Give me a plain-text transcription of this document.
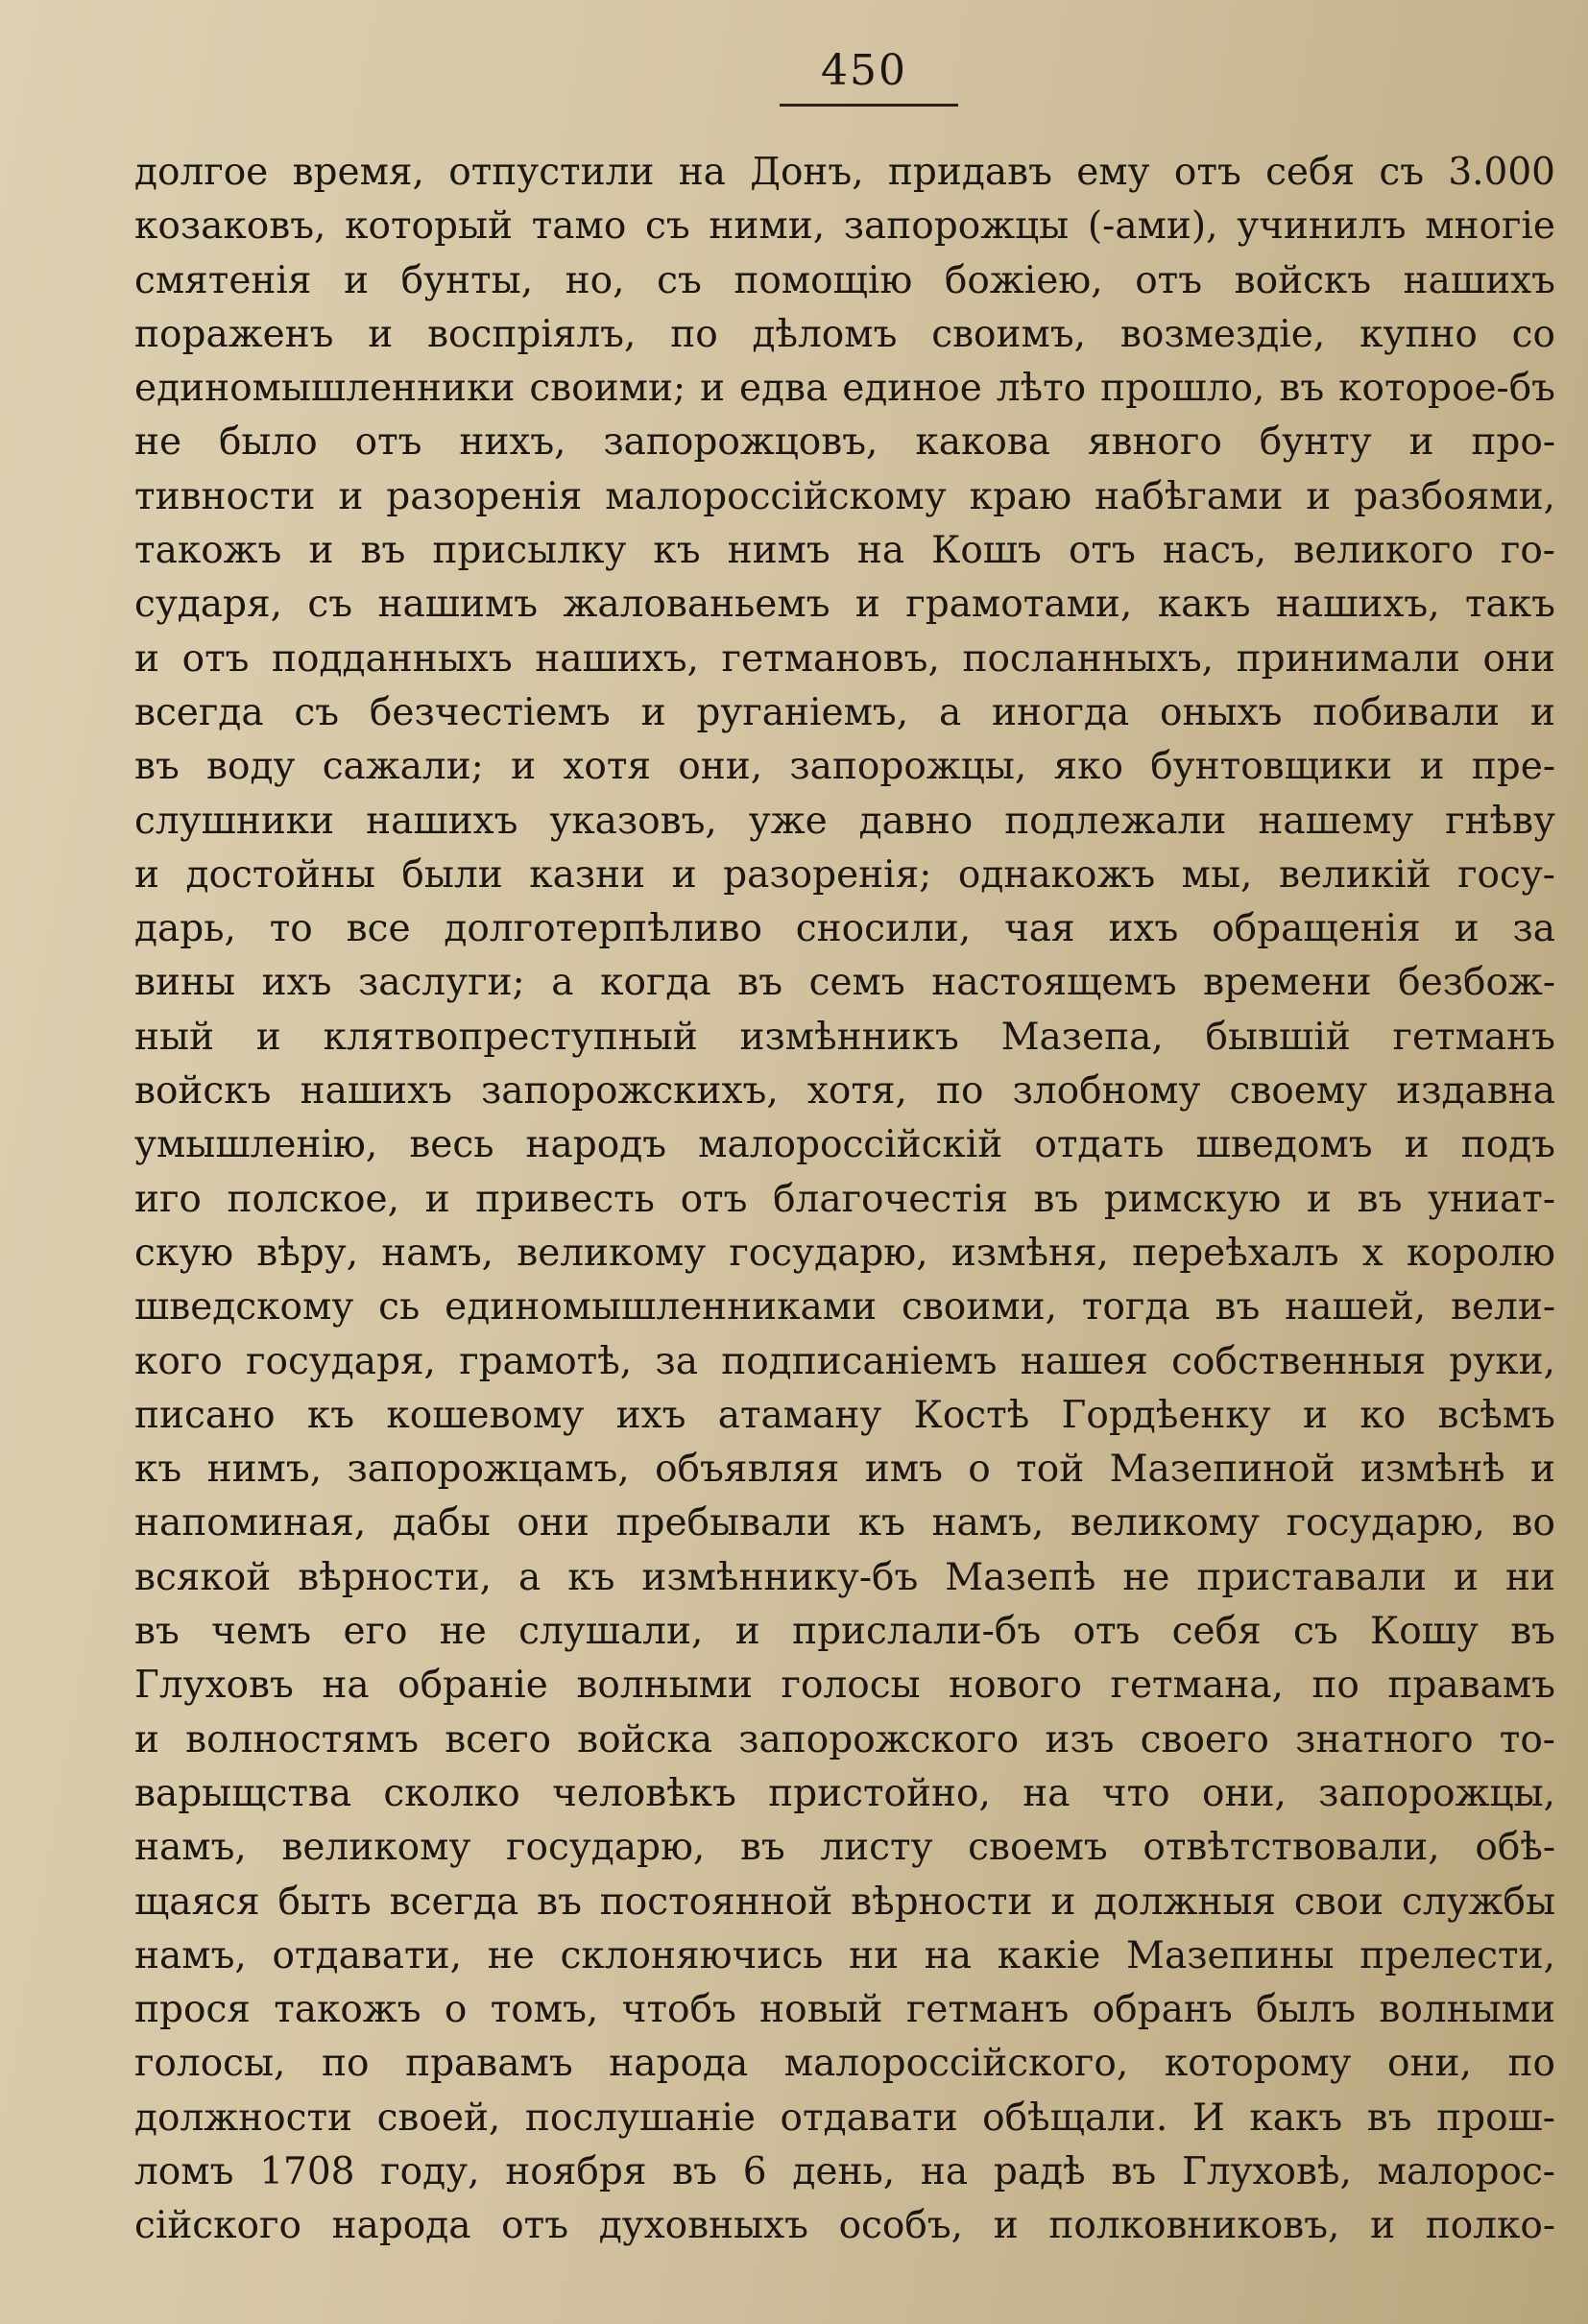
450
долгое время, отпустили на Донъ, придавъ ему отъ себя съ 3.000
козаковъ, который тамо съ ними, запорожцы (-ами), учинилъ многіе
смятенія и бунты, но, съ помощію божіею, отъ войскъ нашихъ
пораженъ и воспріялъ, по дѣломъ своимъ, возмездіе, купно со
единомышленники своими; и едва единое лѣто прошло, въ которое-бъ
не было отъ нихъ, запорожцовъ, какова явного бунту и про-
тивности и разоренія малороссійскому краю набѣгами и разбоями,
такожъ и въ присылку къ нимъ на Кошъ отъ насъ, великого го-
сударя, съ нашимъ жалованьемъ и грамотами, какъ нашихъ, такъ
и отъ подданныхъ нашихъ, гетмановъ, посланныхъ, принимали они
всегда съ безчестіемъ и руганіемъ, а иногда оныхъ побивали и
въ воду сажали; и хотя они, запорожцы, яко бунтовщики и пре-
слушники нашихъ указовъ, уже давно подлежали нашему гнѣву
и достойны были казни и разоренія; однакожъ мы, великій госу-
дарь, то все долготерпѣливо сносили, чая ихъ обращенія и за
вины ихъ заслуги; а когда въ семъ настоящемъ времени безбож-
ный и клятвопреступный измѣнникъ Мазепа, бывшій гетманъ
войскъ нашихъ запорожскихъ, хотя, по злобному своему издавна
умышленію, весь народъ малороссійскій отдать шведомъ и подъ
иго полское, и привесть отъ благочестія въ римскую и въ униат-
скую вѣру, намъ, великому государю, измѣня, переѣхалъ х королю
шведскому сь единомышленниками своими, тогда въ нашей, вели-
кого государя, грамотѣ, за подписаніемъ нашея собственныя руки,
писано къ кошевому ихъ атаману Костѣ Гордѣенку и ко всѣмъ
къ нимъ, запорожцамъ, объявляя имъ о той Мазепиной измѣнѣ и
напоминая, дабы они пребывали къ намъ, великому государю, во
всякой вѣрности, а къ измѣннику-бъ Мазепѣ не приставали и ни
въ чемъ его не слушали, и прислали-бъ отъ себя съ Кошу въ
Глуховъ на обраніе волными голосы нового гетмана, по правамъ
и волностямъ всего войска запорожского изъ своего знатного то-
варыщства сколко человѣкъ пристойно, на что они, запорожцы,
намъ, великому государю, въ листу своемъ отвѣтствовали, обѣ-
щаяся быть всегда въ постоянной вѣрности и должныя свои службы
намъ, отдавати, не склоняючись ни на какіе Мазепины прелести,
прося такожъ о томъ, чтобъ новый гетманъ обранъ былъ волными
голосы, по правамъ народа малороссійского, которому они, по
должности своей, послушаніе отдавати обѣщали. И какъ въ прош-
ломъ 1708 году, ноября въ 6 день, на радѣ въ Глуховѣ, малорос-
сійского народа отъ духовныхъ особъ, и полковниковъ, и полко-
